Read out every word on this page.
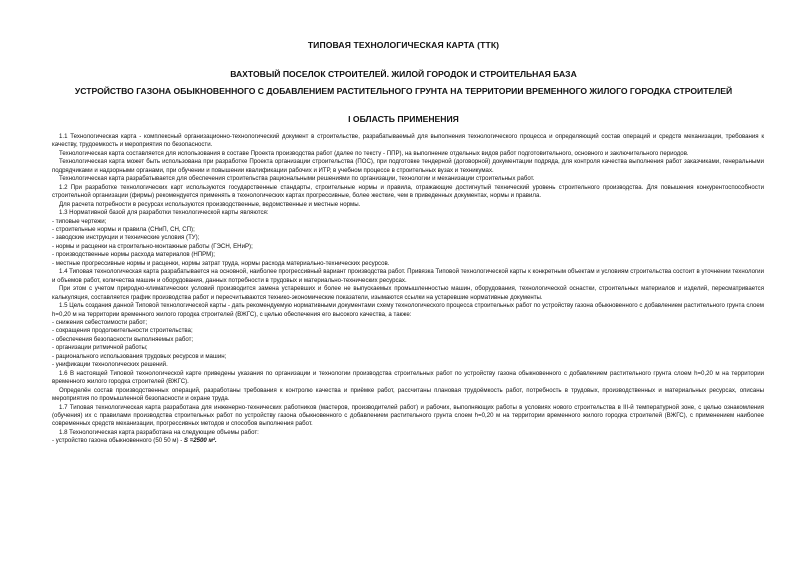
ТИПОВАЯ ТЕХНОЛОГИЧЕСКАЯ КАРТА (ТТК)
ВАХТОВЫЙ ПОСЕЛОК СТРОИТЕЛЕЙ. ЖИЛОЙ ГОРОДОК И СТРОИТЕЛЬНАЯ БАЗА
УСТРОЙСТВО ГАЗОНА ОБЫКНОВЕННОГО С ДОБАВЛЕНИЕМ РАСТИТЕЛЬНОГО ГРУНТА НА ТЕРРИТОРИИ ВРЕМЕННОГО ЖИЛОГО ГОРОДКА СТРОИТЕЛЕЙ
I ОБЛАСТЬ ПРИМЕНЕНИЯ

1.1 Технологическая карта - комплексный организационно-технологический документ в строительстве, разрабатываемый для выполнения технологического процесса и определяющий состав операций и средств механизации, требования к качеству, трудоемкость и мероприятия по безопасности.

Технологическая карта составляется для использования в составе Проекта производства работ (далее по тексту - ППР), на выполнение отдельных видов работ подготовительного, основного и заключительного периодов.

Технологическая карта может быть использована при разработке Проекта организации строительства (ПОС), при подготовке тендерной (договорной) документации подряда, для контроля качества выполнения работ заказчиками, генеральными подрядчиками и надзорными органами, при обучении и повышении квалификации рабочих и ИТР, в учебном процессе в строительных вузах и техникумах.

Технологическая карта разрабатывается для обеспечения строительства рациональными решениями по организации, технологии и механизации строительных работ.

1.2 При разработке технологических карт используются государственные стандарты, строительные нормы и правила, отражающие достигнутый технический уровень строительного производства. Для повышения конкурентоспособности строительной организации (фирмы) рекомендуется применять в технологических картах прогрессивные, более жесткие, чем в приведенных документах, нормы и правила.

Для расчета потребности в ресурсах используются производственные, ведомственные и местные нормы.

1.3 Нормативной базой для разработки технологической карты являются:

- типовые чертежи;

- строительные нормы и правила (СНиП, СН, СП);

- заводские инструкции и технические условия (ТУ);

- нормы и расценки на строительно-монтажные работы (ГЭСН, ЕНиР);

- производственные нормы расхода материалов (НПРМ);

- местные прогрессивные нормы и расценки, нормы затрат труда, нормы расхода материально-технических ресурсов.

1.4 Типовая технологическая карта разрабатывается на основной, наиболее прогрессивный вариант производства работ. Привязка Типовой технологической карты к конкретным объектам и условиям строительства состоит в уточнении технологии и объемов работ, количества машин и оборудования, данных потребности в трудовых и материально-технических ресурсах.

При этом с учетом природно-климатических условий производится замена устаревших и более не выпускаемых промышленностью машин, оборудования, технологической оснастки, строительных материалов и изделий, пересматривается калькуляция, составляется график производства работ и пересчитываются технико-экономические показатели, изымаются ссылки на устаревшие нормативные документы.

1.5 Цель создания данной Типовой технологической карты - дать рекомендуемую нормативными документами схему технологического процесса строительных работ по устройству газона обыкновенного с добавлением растительного грунта слоем h=0,20 м на территории временного жилого городка строителей (ВЖГС), с целью обеспечения его высокого качества, а также:

- снижения себестоимости работ;

- сокращения продолжительности строительства;

- обеспечения безопасности выполняемых работ;

- организации ритмичной работы;

- рационального использования трудовых ресурсов и машин;

- унификации технологических решений.

1.6 В настоящей Типовой технологической карте приведены указания по организации и технологии производства строительных работ по устройству газона обыкновенного с добавлением растительного грунта слоем h=0,20 м на территории временного жилого городка строителей (ВЖГС).

Определён состав производственных операций, разработаны требования к контролю качества и приёмке работ, рассчитаны плановая трудоёмкость работ, потребность в трудовых, производственных и материальных ресурсах, описаны мероприятия по промышленной безопасности и охране труда.

1.7 Типовая технологическая карта разработана для инженерно-технических работников (мастеров, производителей работ) и рабочих, выполняющих работы в условиях нового строительства в III-й температурной зоне, с целью ознакомления (обучения) их с правилами производства строительных работ по устройству газона обыкновенного с добавлением растительного грунта слоем h=0,20 м на территории временного жилого городка строителей (ВЖГС), с применением наиболее современных средств механизации, прогрессивных методов и способов выполнения работ.

1.8 Технологическая карта разработана на следующие объемы работ:

- устройство газона обыкновенного (50 50 м) - S =2500 м².
